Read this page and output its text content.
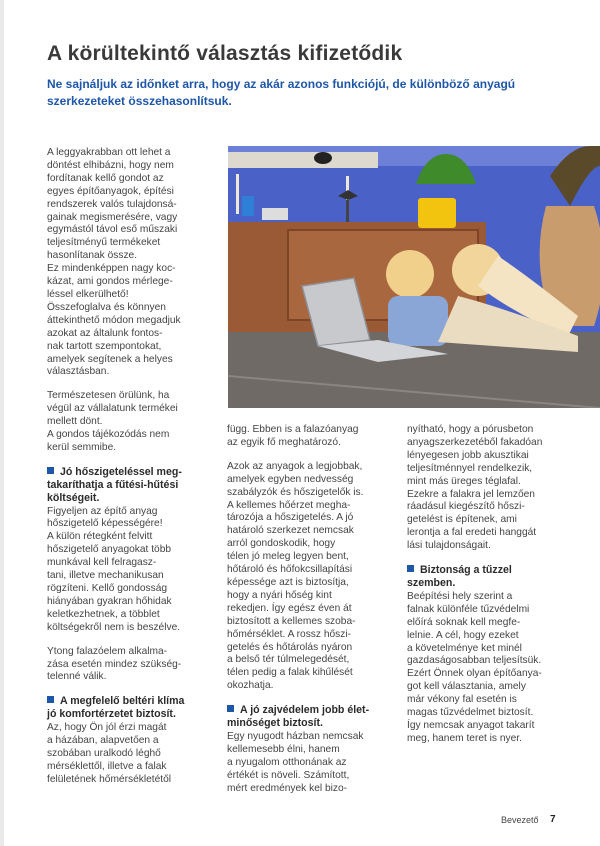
A körültekintő választás kifizetődik

Ne sajnáljuk az időnket arra, hogy az akár azonos funkciójú, de különböző anyagú szerkezeteket összehasonlítsuk.

A leggyakrabban ott lehet a
döntést elhibázni, hogy nem
fordítanak kellő gondot az
egyes építőanyagok, építési
rendszerek valós tulajdonsá-
gainak megismerésére, vagy
egymástól távol eső műszaki
teljesítményű termékeket
hasonlítanak össze.
Ez mindenképpen nagy koc-
kázat, ami gondos mérlege-
léssel elkerülhető!
Összefoglalva és könnyen
áttekinthető módon megadjuk
azokat az általunk fontos-
nak tartott szempontokat,
amelyek segítenek a helyes
választásban.

Természetesen örülünk, ha
végül az vállalatunk termékei
mellett dönt.
A gondos tájékozódás nem
kerül semmibe.

Jó hőszigeteléssel meg-
takaríthatja a fűtési-hűtési
költségeit.

Figyeljen az építő anyag
hőszigetelő képességére!
A külön rétegként felvitt
hőszigetelő anyagokat több
munkával kell felragasz-
tani, illetve mechanikusan
rögzíteni. Kellő gondosság
hiányában gyakran hőhidak
keletkezhetnek, a többlet
költségekről nem is beszélve.

Ytong falazóelem alkalma-
zása esetén mindez szükség-
telenné válik.

A megfelelő beltéri klíma
jó komfortérzetet biztosít.

Az, hogy Ön jól érzi magát
a házában, alapvetően a
szobában uralkodó léghő
mérséklettől, illetve a falak
felületének hőmérsékletétől

függ. Ebben is a falazóanyag
az egyik fő meghatározó.

Azok az anyagok a legjobbak,
amelyek egyben nedvesség
szabályzók és hőszigetelők is.
A kellemes hőérzet megha-
tározója a hőszigetelés. A jó
határoló szerkezet nemcsak
arról gondoskodik, hogy
télen jó meleg legyen bent,
hőtároló és hőfokcsillapítási
képessége azt is biztosítja,
hogy a nyári hőség kint
rekedjen. Így egész éven át
biztosított a kellemes szoba-
hőmérséklet. A rossz hőszi-
getelés és hőtárolás nyáron
a belső tér túlmelegedését,
télen pedig a falak kihűlését
okozhatja.

A jó zajvédelem jobb élet-
minőséget biztosít.

Egy nyugodt házban nemcsak
kellemesebb élni, hanem
a nyugalom otthonának az
értékét is növeli. Számított,
mért eredmények kel bizo-

nyítható, hogy a pórusbeton
anyagszerkezetéből fakadóan
lényegesen jobb akusztikai
teljesítménnyel rendelkezik,
mint más üreges téglafal.
Ezekre a falakra jel lemzően
ráadásul kiegészítő hőszi-
getelést is építenek, ami
lerontja a fal eredeti hanggát
lási tulajdonságait.

Biztonság a tűzzel
szemben.

Beépítési hely szerint a
falnak különféle tűzvédelmi
előírá soknak kell megfe-
lelnie. A cél, hogy ezeket
a követelménye ket minél
gazdaságosabban teljesítsük.
Ezért Önnek olyan építőanya-
got kell választania, amely
már vékony fal esetén is
magas tűzvédelmet biztosít.
Így nemcsak anyagot takarít
meg, hanem teret is nyer.

Bevezető 7
